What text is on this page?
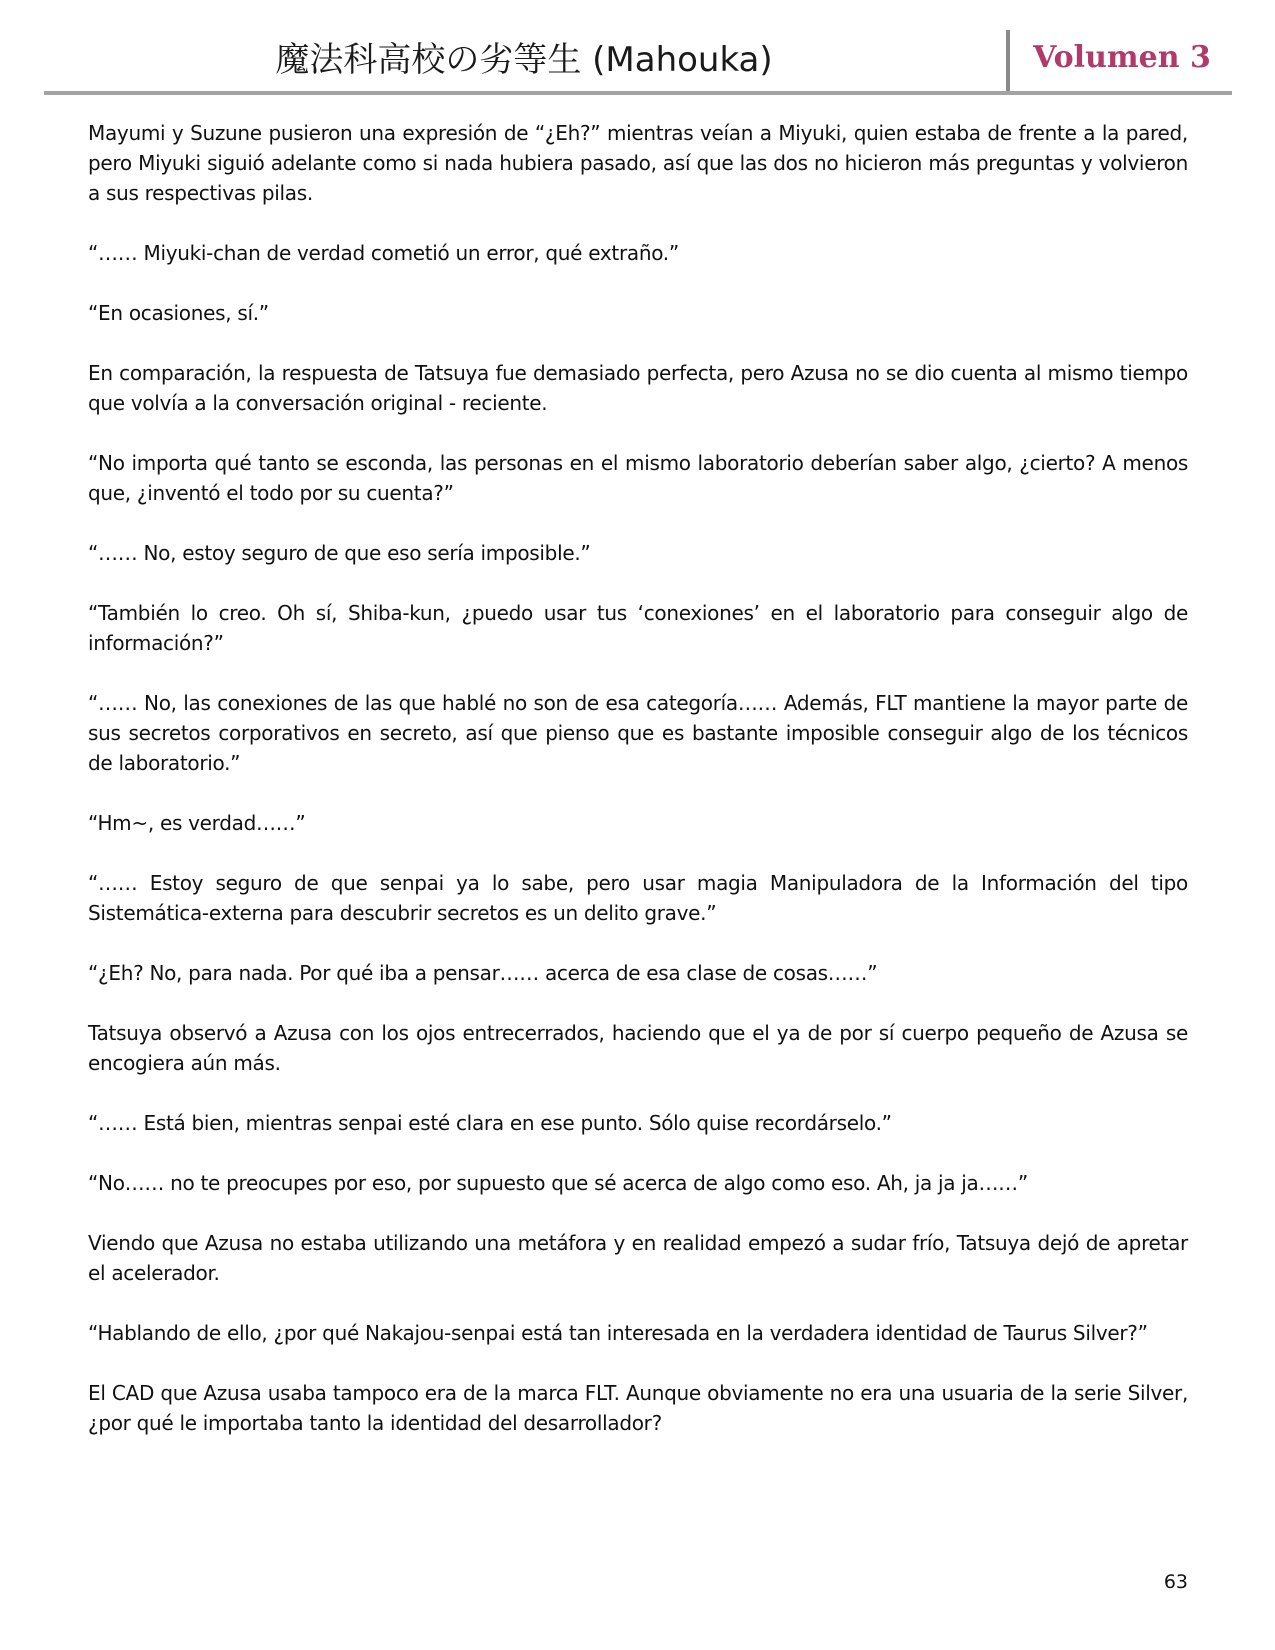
魔法科高校の劣等生 (Mahouka)	Volumen 3

Mayumi y Suzune pusieron una expresión de “¿Eh?” mientras veían a Miyuki, quien estaba de frente a la pared, pero Miyuki siguió adelante como si nada hubiera pasado, así que las dos no hicieron más preguntas y volvieron a sus respectivas pilas.

“…… Miyuki-chan de verdad cometió un error, qué extraño.”

“En ocasiones, sí.”

En comparación, la respuesta de Tatsuya fue demasiado perfecta, pero Azusa no se dio cuenta al mismo tiempo que volvía a la conversación original - reciente.

“No importa qué tanto se esconda, las personas en el mismo laboratorio deberían saber algo, ¿cierto? A menos que, ¿inventó el todo por su cuenta?”

“…… No, estoy seguro de que eso sería imposible.”

“También lo creo. Oh sí, Shiba-kun, ¿puedo usar tus ‘conexiones’ en el laboratorio para conseguir algo de información?”

“…… No, las conexiones de las que hablé no son de esa categoría…… Además, FLT mantiene la mayor parte de sus secretos corporativos en secreto, así que pienso que es bastante imposible conseguir algo de los técnicos de laboratorio.”

“Hm~, es verdad……”

“…… Estoy seguro de que senpai ya lo sabe, pero usar magia Manipuladora de la Información del tipo Sistemática-externa para descubrir secretos es un delito grave.”

“¿Eh? No, para nada. Por qué iba a pensar…… acerca de esa clase de cosas……”

Tatsuya observó a Azusa con los ojos entrecerrados, haciendo que el ya de por sí cuerpo pequeño de Azusa se encogiera aún más.

“…… Está bien, mientras senpai esté clara en ese punto. Sólo quise recordárselo.”

“No…… no te preocupes por eso, por supuesto que sé acerca de algo como eso. Ah, ja ja ja……”

Viendo que Azusa no estaba utilizando una metáfora y en realidad empezó a sudar frío, Tatsuya dejó de apretar el acelerador.

“Hablando de ello, ¿por qué Nakajou-senpai está tan interesada en la verdadera identidad de Taurus Silver?”

El CAD que Azusa usaba tampoco era de la marca FLT. Aunque obviamente no era una usuaria de la serie Silver, ¿por qué le importaba tanto la identidad del desarrollador?

63
